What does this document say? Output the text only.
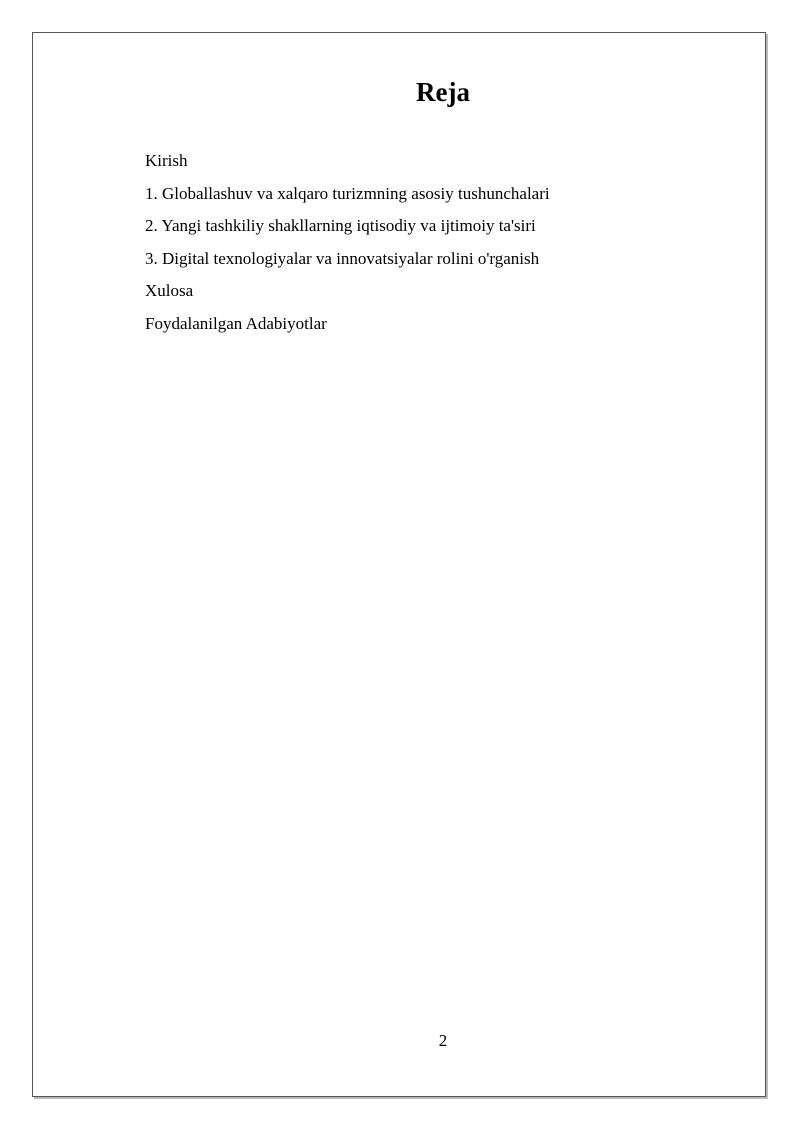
Reja
Kirish
1. Globallashuv va xalqaro turizmning asosiy tushunchalari
2. Yangi tashkiliy shakllarning iqtisodiy va ijtimoiy ta'siri
3. Digital texnologiyalar va innovatsiyalar rolini o'rganish
Xulosa
Foydalanilgan Adabiyotlar
2
